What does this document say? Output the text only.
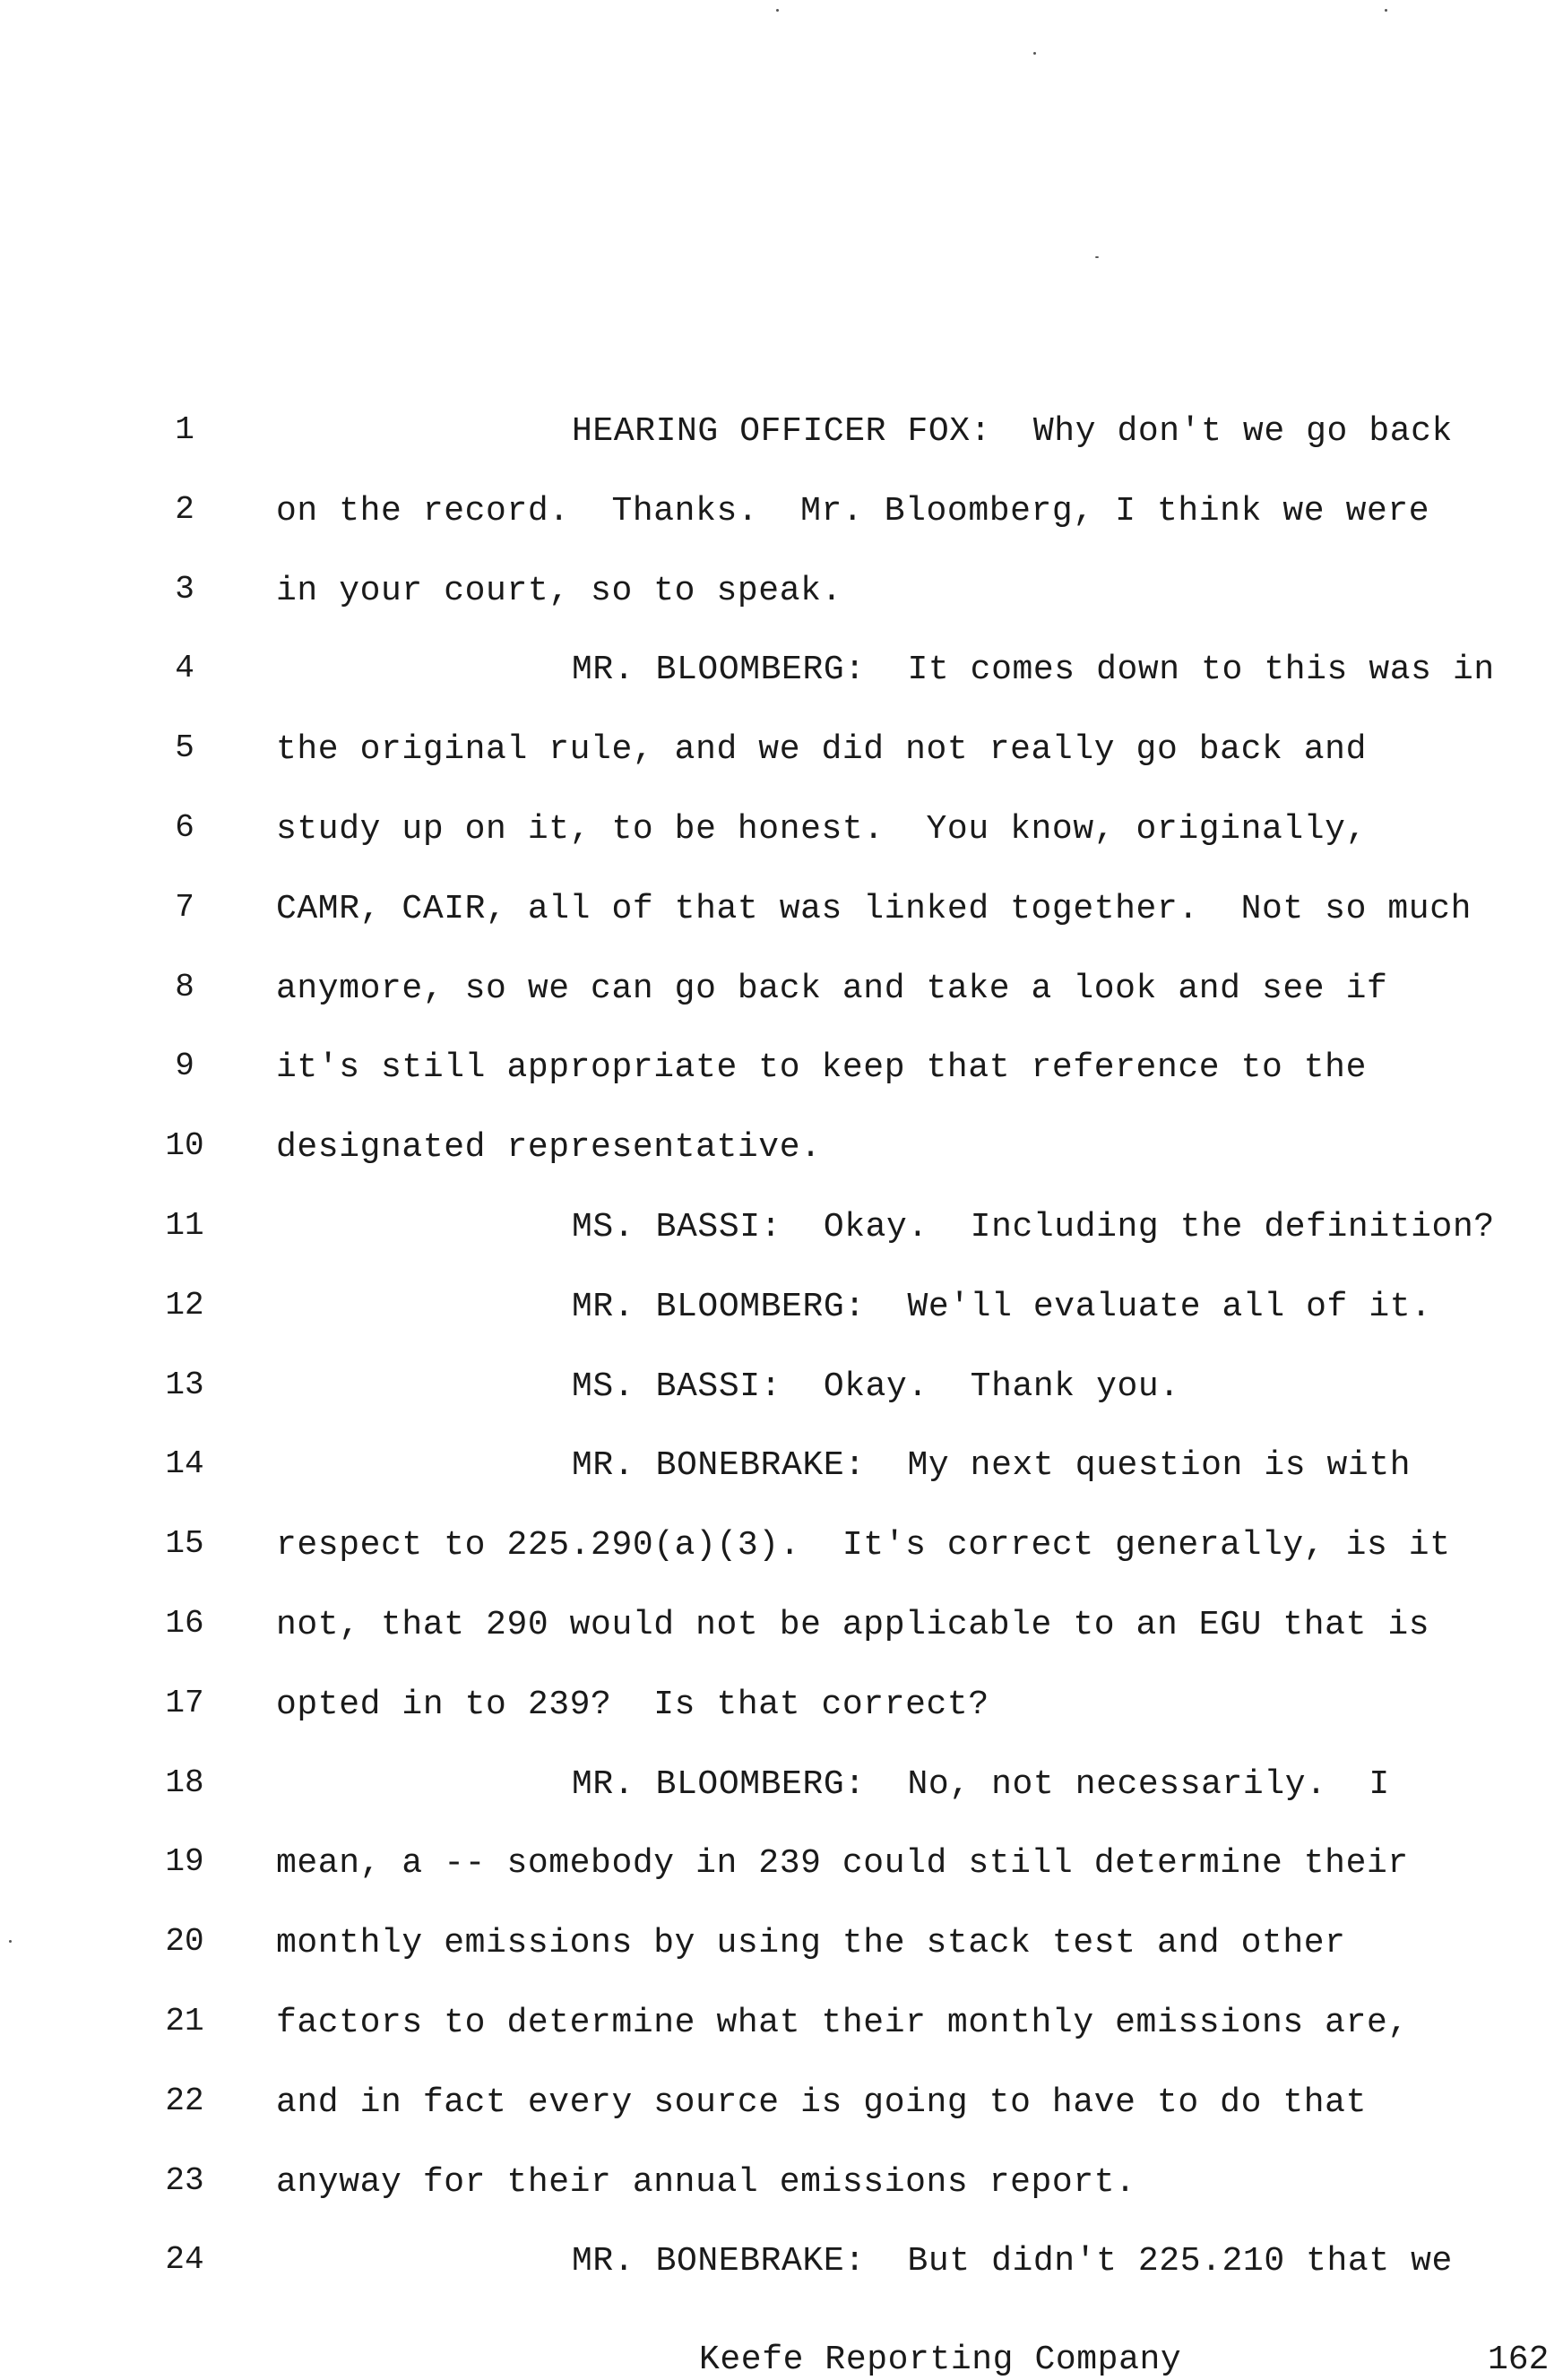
1

	HEARING OFFICER FOX:  Why don't we go back

2

	on the record.  Thanks.  Mr. Bloomberg, I think we were

3

	in your court, so to speak.

4

	MR. BLOOMBERG:  It comes down to this was in

5

	the original rule, and we did not really go back and

6

	study up on it, to be honest.  You know, originally,

7

	CAMR, CAIR, all of that was linked together.  Not so much

8

	anymore, so we can go back and take a look and see if

9

	it's still appropriate to keep that reference to the

10

designated representative.

11

	MS. BASSI:  Okay.  Including the definition?

12

	MR. BLOOMBERG:  We'll evaluate all of it.

13

	MS. BASSI:  Okay.  Thank you.

14

	MR. BONEBRAKE:  My next question is with

15

respect to 225.290(a)(3).  It's correct generally, is it

16

not, that 290 would not be applicable to an EGU that is

17

opted in to 239?  Is that correct?

18

	MR. BLOOMBERG:  No, not necessarily.  I

19

mean, a -- somebody in 239 could still determine their

20

monthly emissions by using the stack test and other

21

factors to determine what their monthly emissions are,

22

and in fact every source is going to have to do that

23

anyway for their annual emissions report.

24

	MR. BONEBRAKE:  But didn't 225.210 that we

Keefe Reporting Company	162
